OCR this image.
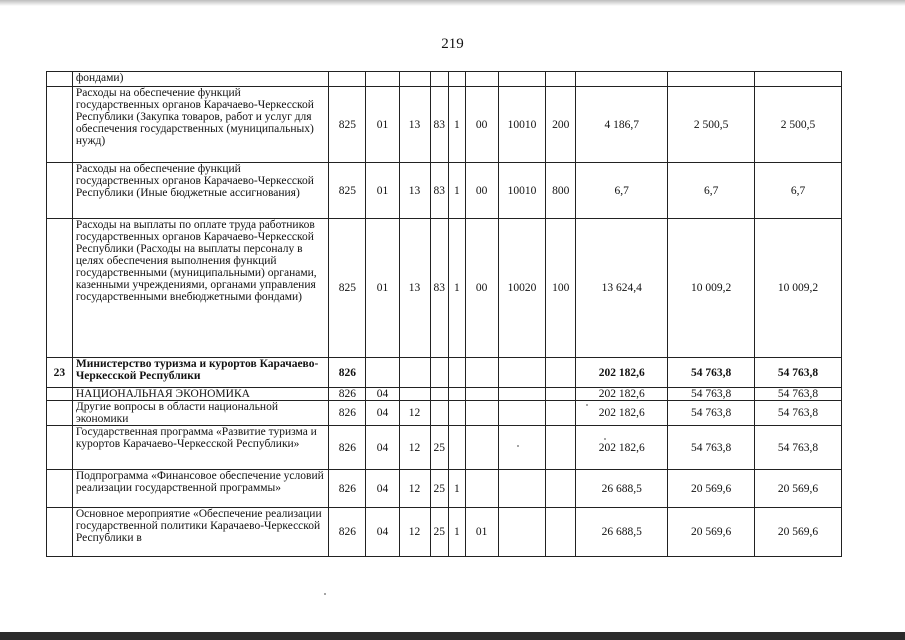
219
	фондами)											
	Расходы на обеспечение функций государственных органов Карачаево-Черкесской Республики (Закупка товаров, работ и услуг для обеспечения государственных (муниципальных) нужд)	825	01	13	83	1	00	10010	200	4 186,7	2 500,5	2 500,5
	Расходы на обеспечение функций государственных органов Карачаево-Черкесской Республики (Иные бюджетные ассигнования)	825	01	13	83	1	00	10010	800	6,7	6,7	6,7
	Расходы на выплаты по оплате труда работников государственных органов Карачаево-Черкесской Республики (Расходы на выплаты персоналу в целях обеспечения выполнения функций государственными (муниципальными) органами, казенными учреждениями, органами управления государственными внебюджетными фондами)	825	01	13	83	1	00	10020	100	13 624,4	10 009,2	10 009,2
23	Министерство туризма и курортов Карачаево-Черкесской Республики	826								202 182,6	54 763,8	54 763,8
	НАЦИОНАЛЬНАЯ ЭКОНОМИКА	826	04							202 182,6	54 763,8	54 763,8
	Другие вопросы в области национальной экономики	826	04	12						202 182,6	54 763,8	54 763,8
	Государственная программа «Развитие туризма и курортов Карачаево-Черкесской Республики»	826	04	12	25					202 182,6	54 763,8	54 763,8
	Подпрограмма «Финансовое обеспечение условий реализации государственной программы»	826	04	12	25	1				26 688,5	20 569,6	20 569,6
	Основное мероприятие «Обеспечение реализации государственной политики Карачаево-Черкесской Республики в	826	04	12	25	1	01			26 688,5	20 569,6	20 569,6
